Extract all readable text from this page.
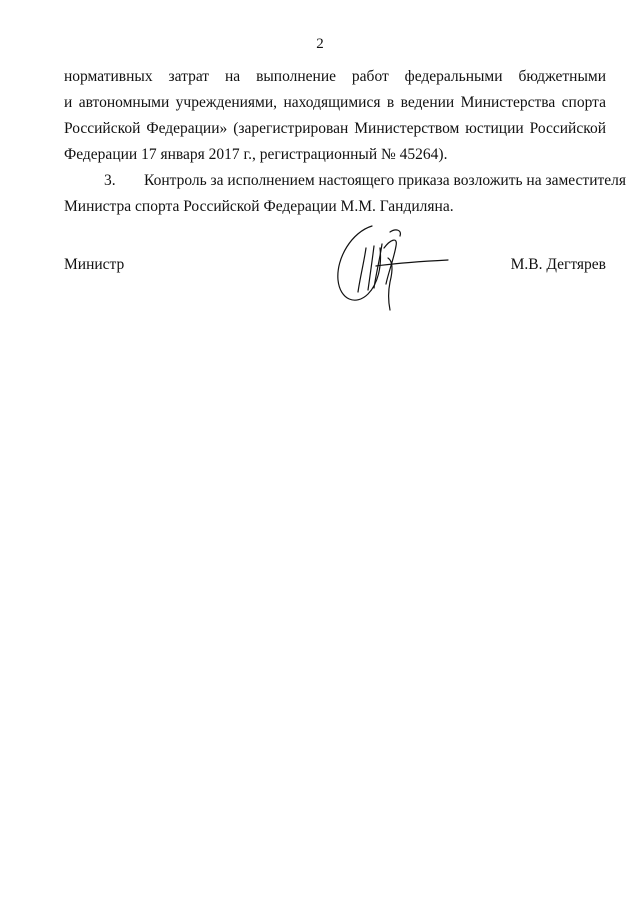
2
нормативных затрат на выполнение работ федеральными бюджетными
и автономными учреждениями, находящимися в ведении Министерства спорта
Российской Федерации» (зарегистрирован Министерством юстиции Российской
Федерации 17 января 2017 г., регистрационный № 45264).
3. Контроль за исполнением настоящего приказа возложить на заместителя
Министра спорта Российской Федерации М.М. Гандиляна.
Министр	М.В. Дегтярев
